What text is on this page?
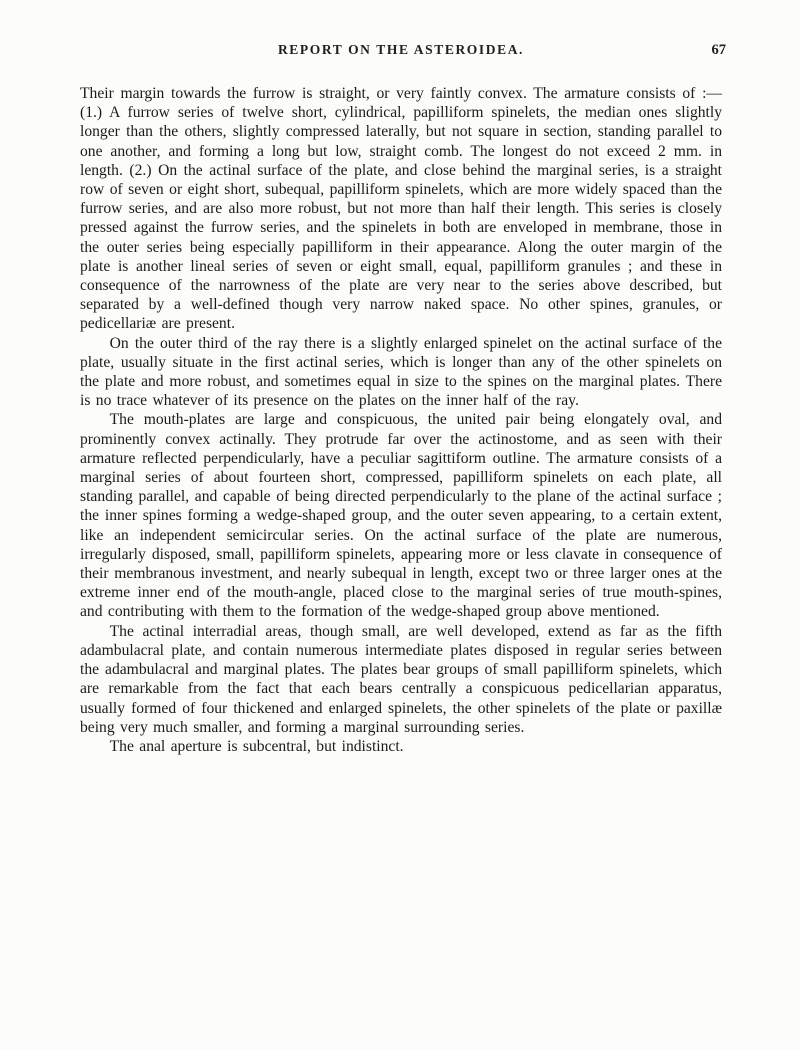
REPORT ON THE ASTEROIDEA.	67

Their margin towards the furrow is straight, or very faintly convex. The armature consists of :—(1.) A furrow series of twelve short, cylindrical, papilliform spinelets, the median ones slightly longer than the others, slightly compressed laterally, but not square in section, standing parallel to one another, and forming a long but low, straight comb. The longest do not exceed 2 mm. in length. (2.) On the actinal surface of the plate, and close behind the marginal series, is a straight row of seven or eight short, subequal, papilliform spinelets, which are more widely spaced than the furrow series, and are also more robust, but not more than half their length. This series is closely pressed against the furrow series, and the spinelets in both are enveloped in membrane, those in the outer series being especially papilliform in their appearance. Along the outer margin of the plate is another lineal series of seven or eight small, equal, papilliform granules ; and these in consequence of the narrowness of the plate are very near to the series above described, but separated by a well-defined though very narrow naked space. No other spines, granules, or pedicellariæ are present.

On the outer third of the ray there is a slightly enlarged spinelet on the actinal surface of the plate, usually situate in the first actinal series, which is longer than any of the other spinelets on the plate and more robust, and sometimes equal in size to the spines on the marginal plates. There is no trace whatever of its presence on the plates on the inner half of the ray.

The mouth-plates are large and conspicuous, the united pair being elongately oval, and prominently convex actinally. They protrude far over the actinostome, and as seen with their armature reflected perpendicularly, have a peculiar sagittiform outline. The armature consists of a marginal series of about fourteen short, compressed, papilliform spinelets on each plate, all standing parallel, and capable of being directed perpendicularly to the plane of the actinal surface ; the inner spines forming a wedge-shaped group, and the outer seven appearing, to a certain extent, like an independent semicircular series. On the actinal surface of the plate are numerous, irregularly disposed, small, papilliform spinelets, appearing more or less clavate in consequence of their membranous investment, and nearly subequal in length, except two or three larger ones at the extreme inner end of the mouth-angle, placed close to the marginal series of true mouth-spines, and contributing with them to the formation of the wedge-shaped group above mentioned.

The actinal interradial areas, though small, are well developed, extend as far as the fifth adambulacral plate, and contain numerous intermediate plates disposed in regular series between the adambulacral and marginal plates. The plates bear groups of small papilliform spinelets, which are remarkable from the fact that each bears centrally a conspicuous pedicellarian apparatus, usually formed of four thickened and enlarged spinelets, the other spinelets of the plate or paxillæ being very much smaller, and forming a marginal surrounding series.

The anal aperture is subcentral, but indistinct.
